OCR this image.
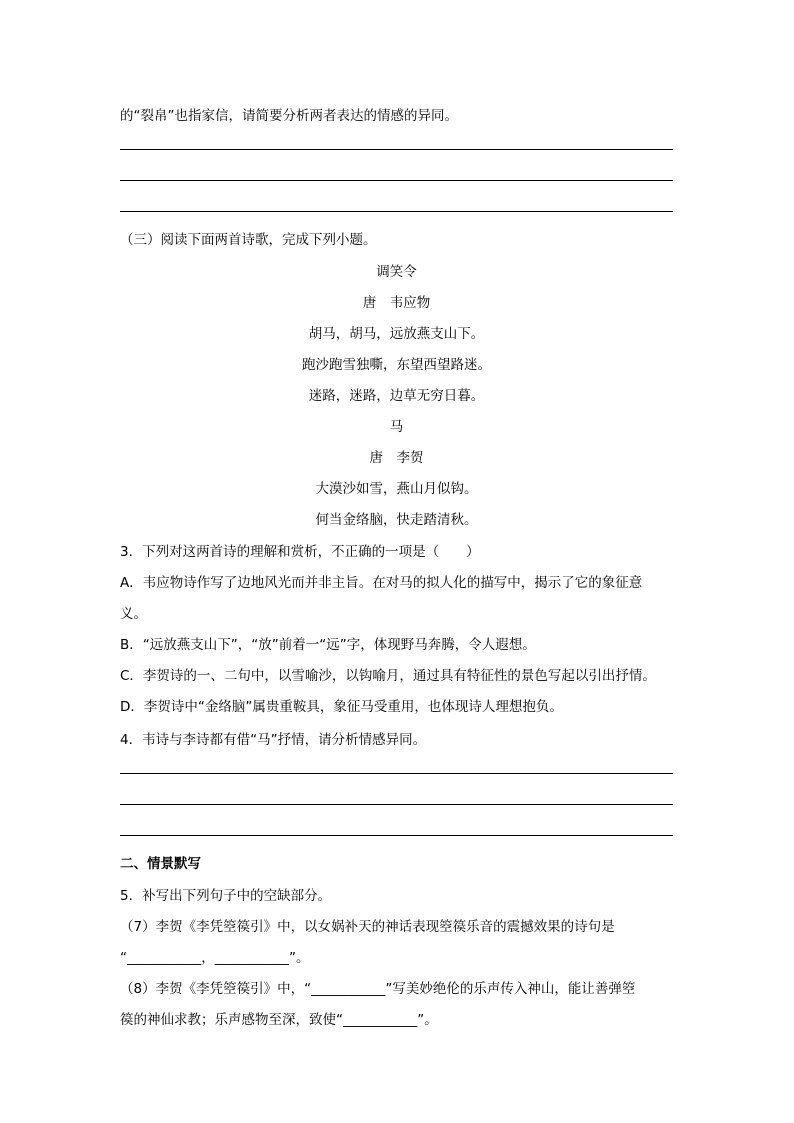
的“裂帛”也指家信，请简要分析两者表达的情感的异同。
（三）阅读下面两首诗歌，完成下列小题。
调笑令
唐　韦应物
胡马，胡马，远放燕支山下。
跑沙跑雪独嘶，东望西望路迷。
迷路，迷路，边草无穷日暮。
马
唐　李贺
大漠沙如雪，燕山月似钩。
何当金络脑，快走踏清秋。
3．下列对这两首诗的理解和赏析，不正确的一项是（　　）
A．韦应物诗作写了边地风光而并非主旨。在对马的拟人化的描写中，揭示了它的象征意
义。
B．“远放燕支山下”，“放”前着一“远”字，体现野马奔腾，令人遐想。
C．李贺诗的一、二句中，以雪喻沙，以钩喻月，通过具有特征性的景色写起以引出抒情。
D．李贺诗中“金络脑”属贵重鞍具，象征马受重用，也体现诗人理想抱负。
4．韦诗与李诗都有借“马”抒情，请分析情感异同。
二、情景默写
5．补写出下列句子中的空缺部分。
（7）李贺《李凭箜篌引》中，以女娲补天的神话表现箜篌乐音的震撼效果的诗句是
“___________，___________”。
（8）李贺《李凭箜篌引》中，“___________”写美妙绝伦的乐声传入神山，能让善弹箜
篌的神仙求教；乐声感物至深，致使“___________”。
